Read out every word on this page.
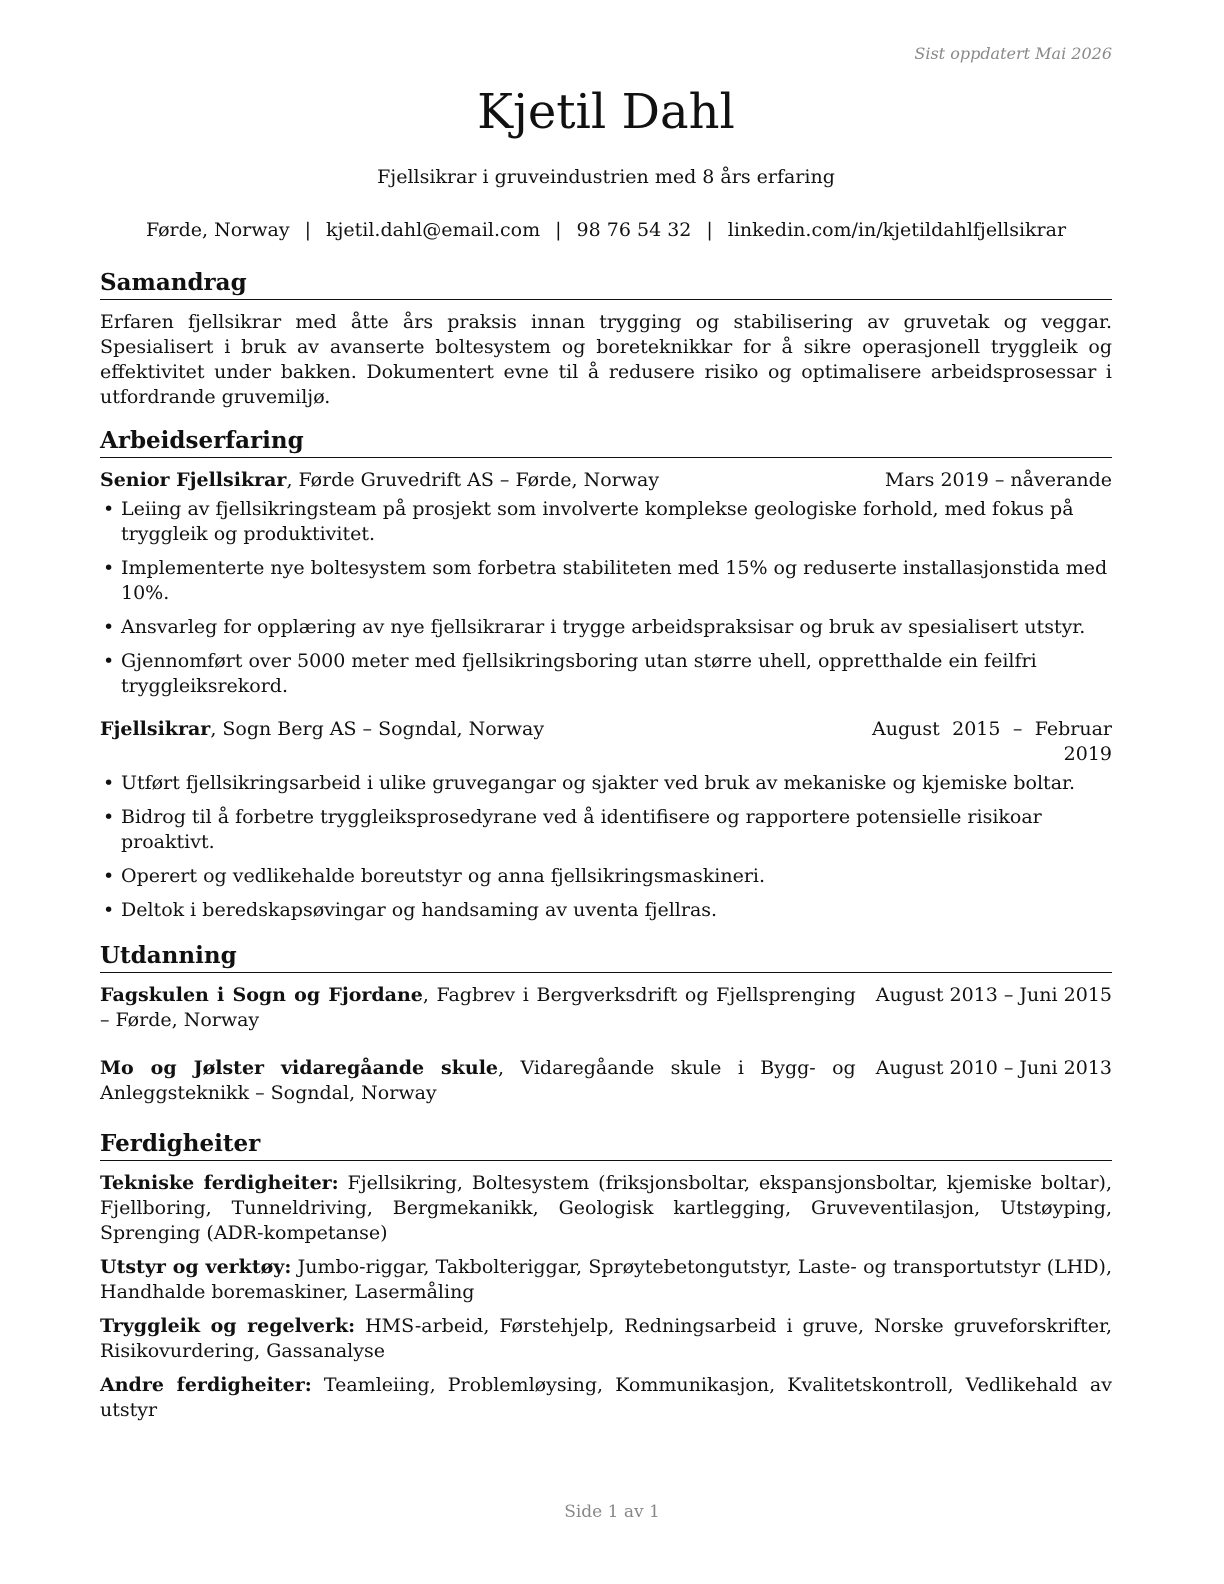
Sist oppdatert Mai 2026
Kjetil Dahl
Fjellsikrar i gruveindustrien med 8 års erfaring
Førde, Norway | kjetil.dahl@email.com | 98 76 54 32 | linkedin.com/in/kjetildahlfjellsikrar
Samandrag

Erfaren fjellsikrar med åtte års praksis innan trygging og stabilisering av gruvetak og veggar. Spesialisert i bruk av avanserte boltesystem og boreteknikkar for å sikre operasjonell tryggleik og effektivitet under bakken. Dokumentert evne til å redusere risiko og optimalisere arbeidsprosessar i utfordrande gruvemiljø.

Arbeidserfaring
Senior Fjellsikrar, Førde Gruvedrift AS – Førde, Norway	Mars 2019 – nåverande
• Leiing av fjellsikringsteam på prosjekt som involverte komplekse geologiske forhold, med fokus på tryggleik og produktivitet.
• Implementerte nye boltesystem som forbetra stabiliteten med 15% og reduserte installasjonstida med 10%.
• Ansvarleg for opplæring av nye fjellsikrarar i trygge arbeidspraksisar og bruk av spesialisert utstyr.
• Gjennomført over 5000 meter med fjellsikringsboring utan større uhell, oppretthalde ein feilfri tryggleiksrekord.
Fjellsikrar, Sogn Berg AS – Sogndal, Norway	August 2015 – Februar 2019
• Utført fjellsikringsarbeid i ulike gruvegangar og sjakter ved bruk av mekaniske og kjemiske boltar.
• Bidrog til å forbetre tryggleiksprosedyrane ved å identifisere og rapportere potensielle risikoar proaktivt.
• Operert og vedlikehalde boreutstyr og anna fjellsikringsmaskineri.
• Deltok i beredskapsøvingar og handsaming av uventa fjellras.
Utdanning
Fagskulen i Sogn og Fjordane, Fagbrev i Bergverksdrift og Fjellsprenging – Førde, Norway
August 2013 – Juni 2015
Mo og Jølster vidaregåande skule, Vidaregåande skule i Bygg- og Anleggsteknikk – Sogndal, Norway
August 2010 – Juni 2013
Ferdigheiter
Tekniske ferdigheiter: Fjellsikring, Boltesystem (friksjonsboltar, ekspansjonsboltar, kjemiske boltar), Fjellboring, Tunneldriving, Bergmekanikk, Geologisk kartlegging, Gruveventilasjon, Utstøyping, Sprenging (ADR-kompetanse)
Utstyr og verktøy: Jumbo-riggar, Takbolteriggar, Sprøytebetongutstyr, Laste- og transportutstyr (LHD), Handhalde boremaskiner, Lasermåling
Tryggleik og regelverk: HMS-arbeid, Førstehjelp, Redningsarbeid i gruve, Norske gruveforskrifter, Risikovurdering, Gassanalyse
Andre ferdigheiter: Teamleiing, Problemløysing, Kommunikasjon, Kvalitetskontroll, Vedlikehald av utstyr
Side 1 av 1
